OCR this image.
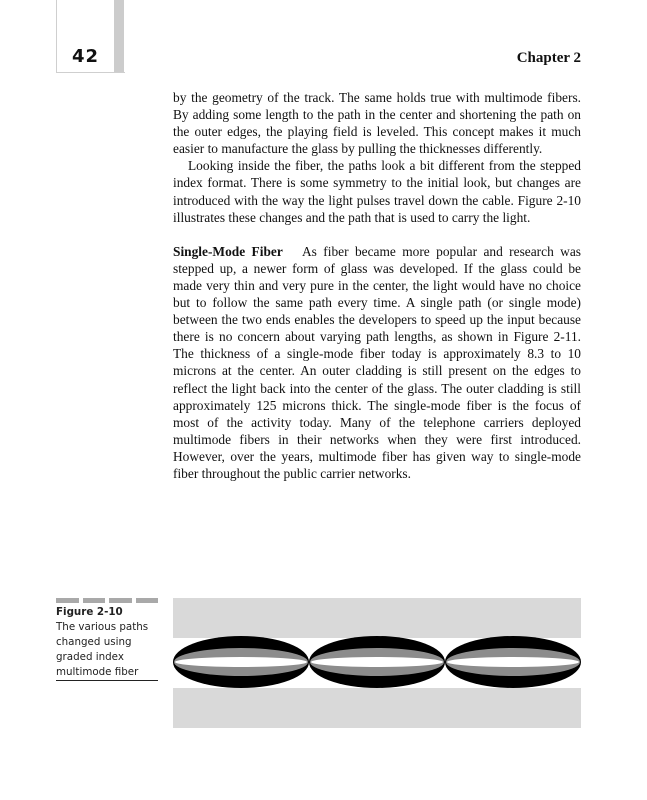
42	Chapter 2

by the geometry of the track. The same holds true with multimode fibers. By adding some length to the path in the center and shortening the path on the outer edges, the playing field is leveled. This concept makes it much easier to manufacture the glass by pulling the thicknesses differently.

Looking inside the fiber, the paths look a bit different from the stepped index format. There is some symmetry to the initial look, but changes are introduced with the way the light pulses travel down the cable. Figure 2-10 illustrates these changes and the path that is used to carry the light.

Single-Mode Fiber As fiber became more popular and research was stepped up, a newer form of glass was developed. If the glass could be made very thin and very pure in the center, the light would have no choice but to follow the same path every time. A single path (or single mode) between the two ends enables the developers to speed up the input because there is no concern about varying path lengths, as shown in Figure 2-11. The thickness of a single-mode fiber today is approximately 8.3 to 10 microns at the center. An outer cladding is still present on the edges to reflect the light back into the center of the glass. The outer cladding is still approximately 125 microns thick. The single-mode fiber is the focus of most of the activity today. Many of the telephone carriers deployed multimode fibers in their networks when they were first introduced. However, over the years, multimode fiber has given way to single-mode fiber throughout the public carrier networks.

Figure 2-10
The various paths changed using graded index multimode fiber
